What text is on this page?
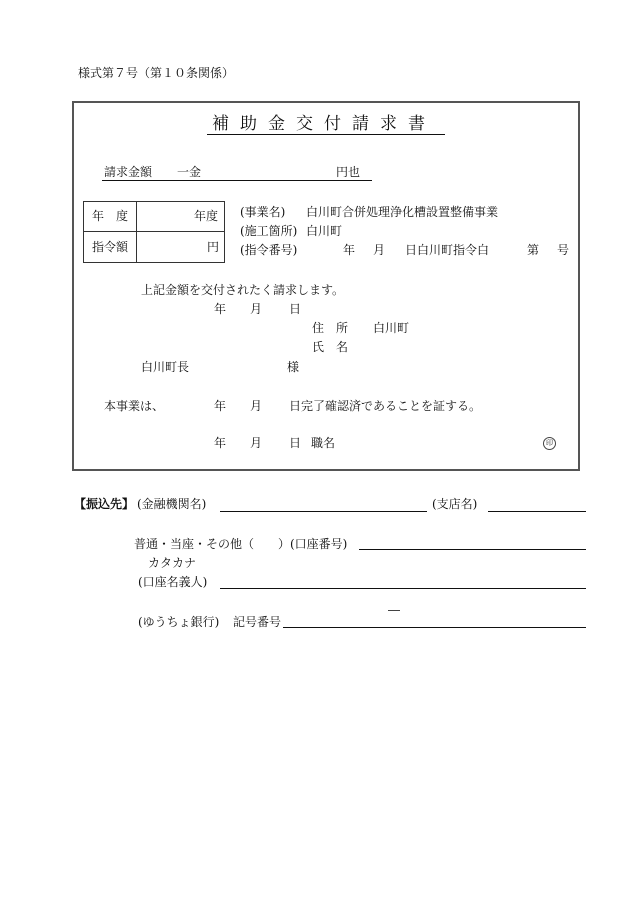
様式第７号（第１０条関係）
補助金交付請求書
請求金額 一金	円也
年　度	年度
指令額	円
(事業名) 白川町合併処理浄化槽設置整備事業
(施工箇所) 白川町
(指令番号)	年 月 日白川町指令白	第 号
上記金額を交付されたく請求します。
年 月 日
住　所 白川町
氏　名
白川町長	様
本事業は、	年 月 日完了確認済であることを証する。
年 月 日 職名	印
【振込先】 (金融機関名)	(支店名)
普通・当座・その他（　　） (口座番号)
カタカナ
(口座名義人)
―
(ゆうちょ銀行) 記号番号
